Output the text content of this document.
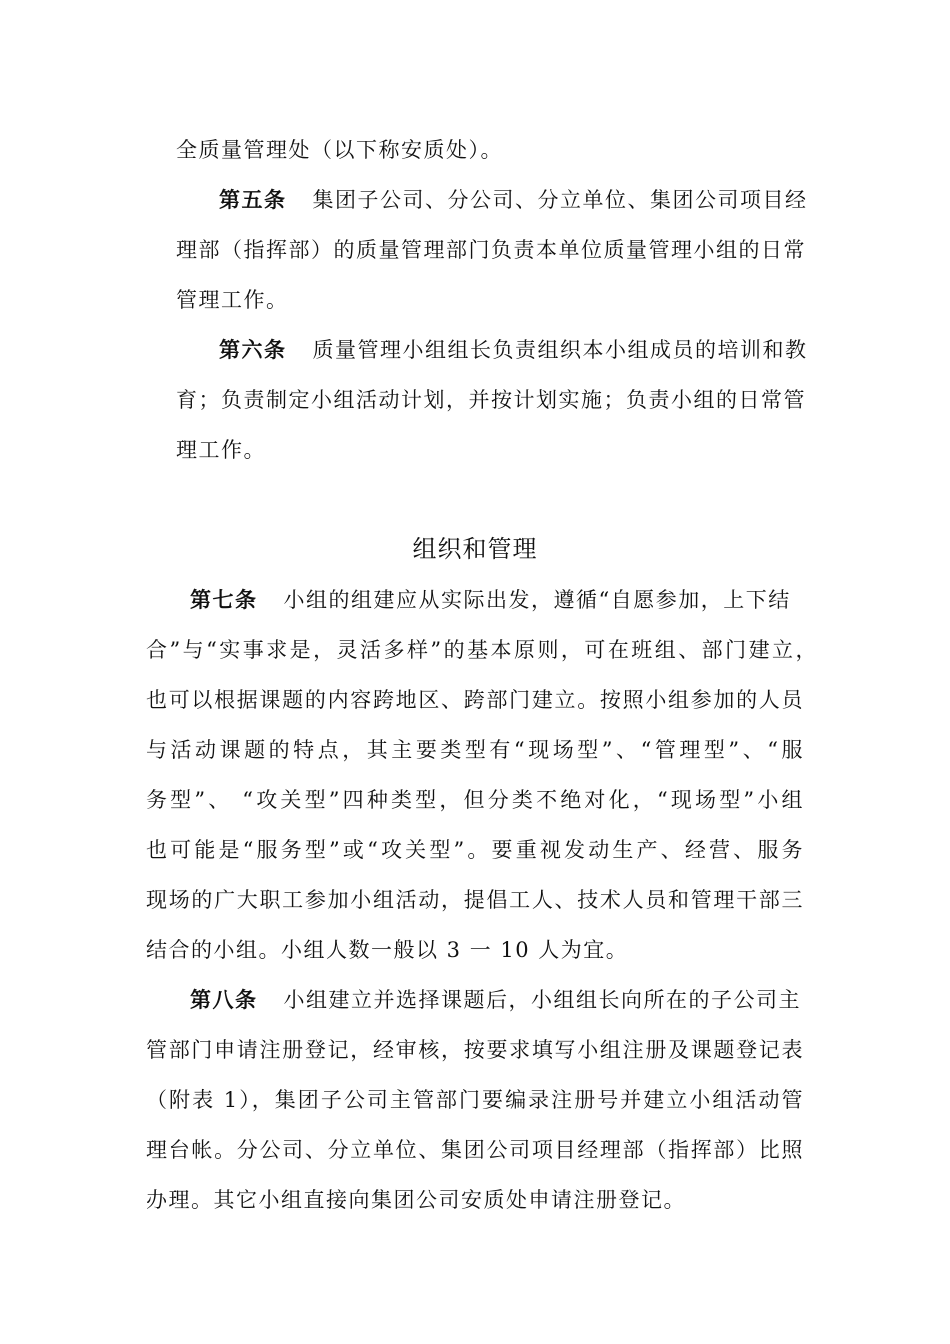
全质量管理处（以下称安质处）。
第五条 集团子公司、分公司、分立单位、集团公司项目经
理部（指挥部）的质量管理部门负责本单位质量管理小组的日常
管理工作。
第六条 质量管理小组组长负责组织本小组成员的培训和教
育；负责制定小组活动计划，并按计划实施；负责小组的日常管
理工作。
组织和管理
第七条 小组的组建应从实际出发，遵循“自愿参加，上下结
合”与“实事求是，灵活多样”的基本原则，可在班组、部门建立，
也可以根据课题的内容跨地区、跨部门建立。按照小组参加的人员
与活动课题的特点，其主要类型有“现场型”、“管理型”、“服
务型”、 “攻关型”四种类型，但分类不绝对化，“现场型”小组
也可能是“服务型”或“攻关型”。要重视发动生产、经营、服务
现场的广大职工参加小组活动，提倡工人、技术人员和管理干部三
结合的小组。小组人数一般以 3 一 10 人为宜。
第八条 小组建立并选择课题后，小组组长向所在的子公司主
管部门申请注册登记，经审核，按要求填写小组注册及课题登记表
（附表 1），集团子公司主管部门要编录注册号并建立小组活动管
理台帐。分公司、分立单位、集团公司项目经理部（指挥部）比照
办理。其它小组直接向集团公司安质处申请注册登记。
